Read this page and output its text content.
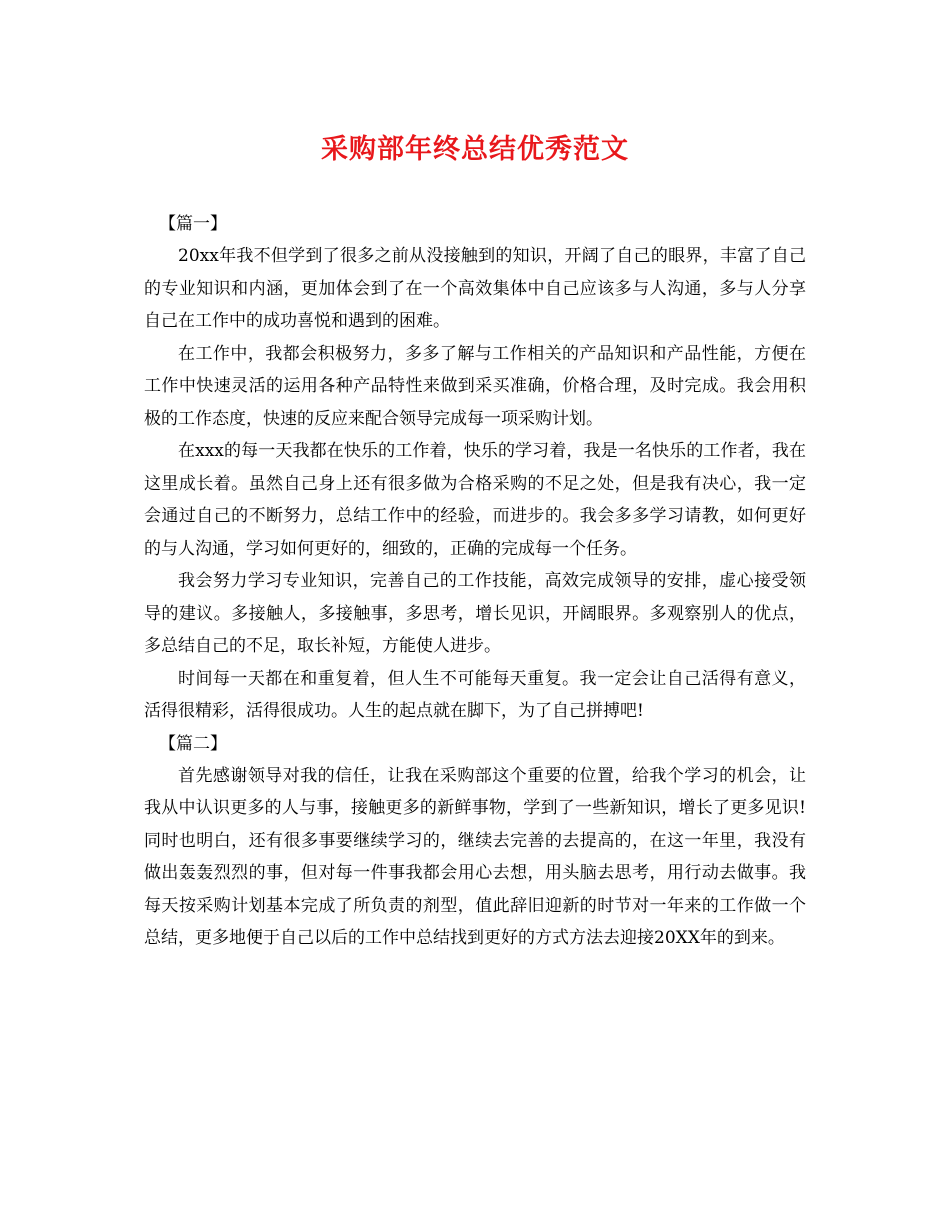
采购部年终总结优秀范文

【篇一】

20xx年我不但学到了很多之前从没接触到的知识，开阔了自己的眼界，丰富了自己的专业知识和内涵，更加体会到了在一个高效集体中自己应该多与人沟通，多与人分享自己在工作中的成功喜悦和遇到的困难。

在工作中，我都会积极努力，多多了解与工作相关的产品知识和产品性能，方便在工作中快速灵活的运用各种产品特性来做到采买准确，价格合理，及时完成。我会用积极的工作态度，快速的反应来配合领导完成每一项采购计划。

在xxx的每一天我都在快乐的工作着，快乐的学习着，我是一名快乐的工作者，我在这里成长着。虽然自己身上还有很多做为合格采购的不足之处，但是我有决心，我一定会通过自己的不断努力，总结工作中的经验，而进步的。我会多多学习请教，如何更好的与人沟通，学习如何更好的，细致的，正确的完成每一个任务。

我会努力学习专业知识，完善自己的工作技能，高效完成领导的安排，虚心接受领导的建议。多接触人，多接触事，多思考，增长见识，开阔眼界。多观察别人的优点，多总结自己的不足，取长补短，方能使人进步。

时间每一天都在和重复着，但人生不可能每天重复。我一定会让自己活得有意义，活得很精彩，活得很成功。人生的起点就在脚下，为了自己拼搏吧!

【篇二】

首先感谢领导对我的信任，让我在采购部这个重要的位置，给我个学习的机会，让我从中认识更多的人与事，接触更多的新鲜事物，学到了一些新知识，增长了更多见识!同时也明白，还有很多事要继续学习的，继续去完善的去提高的，在这一年里，我没有做出轰轰烈烈的事，但对每一件事我都会用心去想，用头脑去思考，用行动去做事。我每天按采购计划基本完成了所负责的剂型，值此辞旧迎新的时节对一年来的工作做一个总结，更多地便于自己以后的工作中总结找到更好的方式方法去迎接20XX年的到来。
